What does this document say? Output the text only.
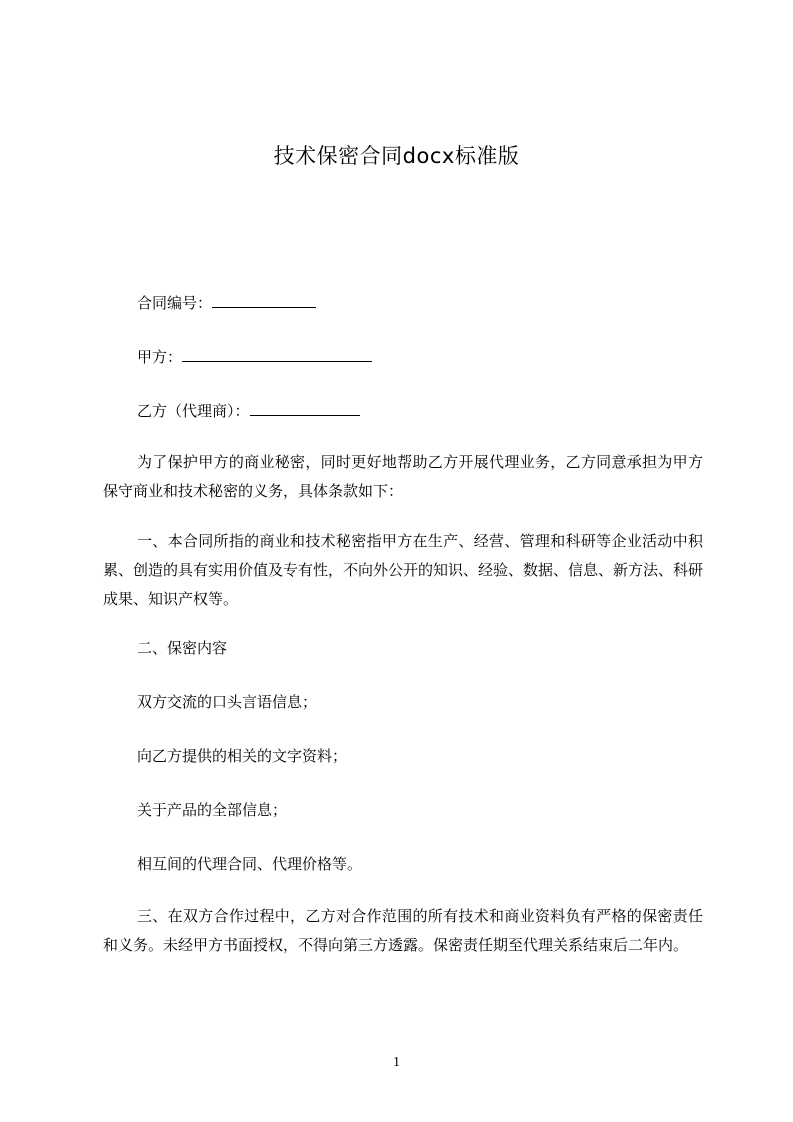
技术保密合同docx标准版
合同编号：
甲方：
乙方（代理商）：
为了保护甲方的商业秘密，同时更好地帮助乙方开展代理业务，乙方同意承担为甲方保守商业和技术秘密的义务，具体条款如下：
一、本合同所指的商业和技术秘密指甲方在生产、经营、管理和科研等企业活动中积累、创造的具有实用价值及专有性，不向外公开的知识、经验、数据、信息、新方法、科研成果、知识产权等。
二、保密内容
双方交流的口头言语信息；
向乙方提供的相关的文字资料；
关于产品的全部信息；
相互间的代理合同、代理价格等。
三、在双方合作过程中，乙方对合作范围的所有技术和商业资料负有严格的保密责任和义务。未经甲方书面授权，不得向第三方透露。保密责任期至代理关系结束后二年内。
1
